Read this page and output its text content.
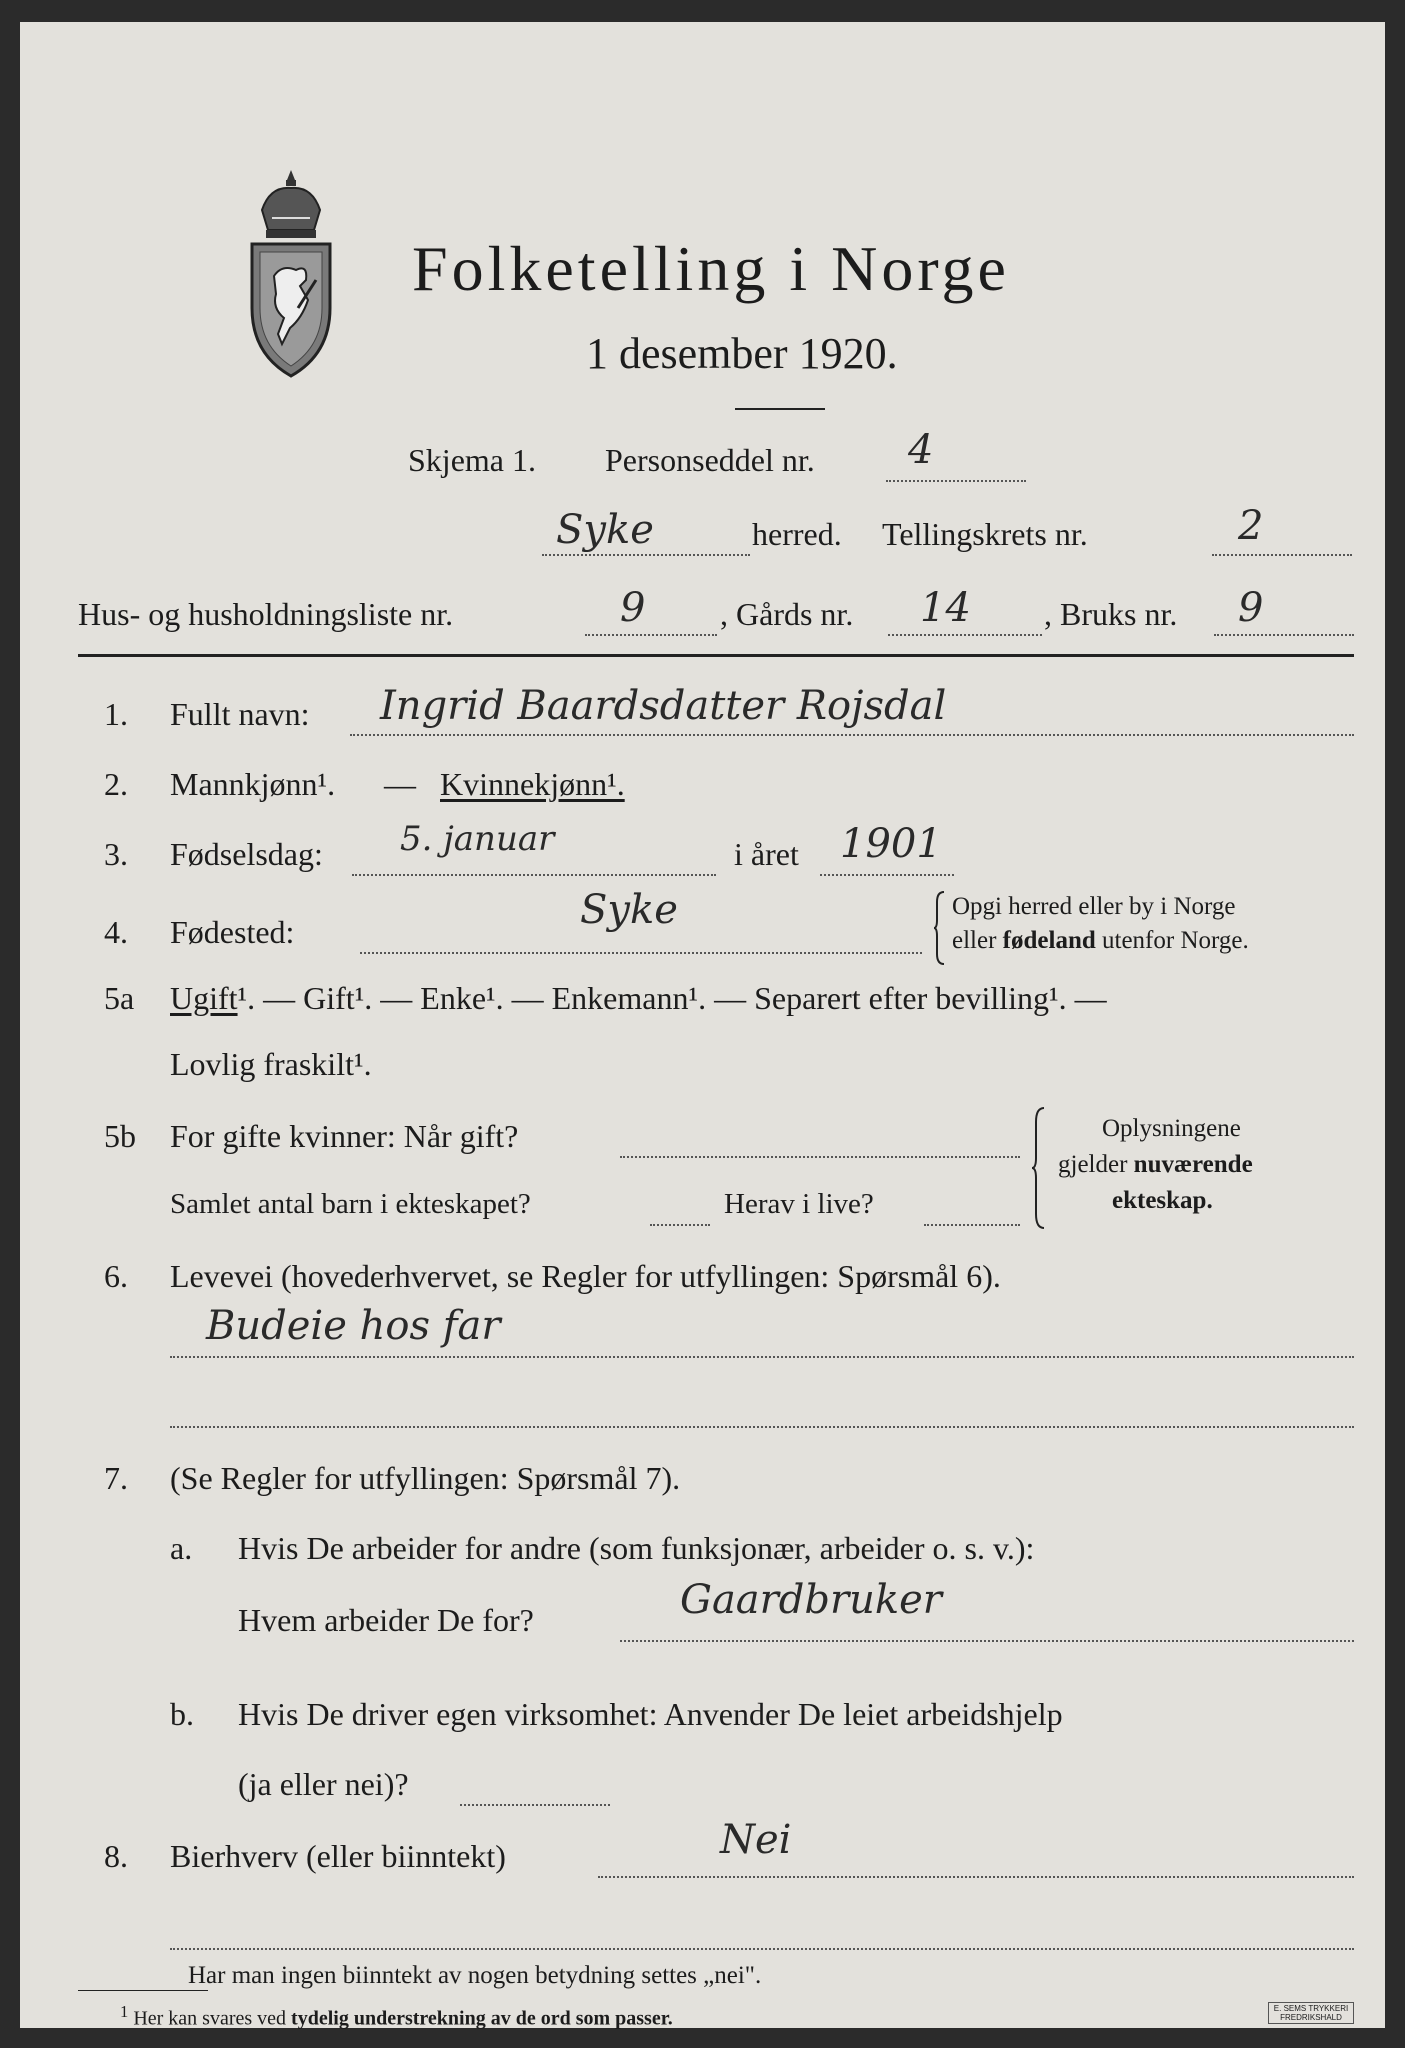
Folketelling i Norge
1 desember 1920.
Skjema 1. Personseddel nr. 4
Syke	herred. Tellingskrets nr.	2
Hus- og husholdningsliste nr.	9 , Gårds nr. 14 , Bruks nr. 9
1. Fullt navn: Ingrid Baardsdatter Rojsdal
2. Mannkjønn¹. — Kvinnekjønn¹.
3. Fødselsdag: 5. januar	i året 1901
4. Fødested:	Syke	Opgi herred eller by i Norge
eller fødeland utenfor Norge.
5a Ugift¹. — Gift¹. — Enke¹. — Enkemann¹. — Separert efter bevilling¹. —
Lovlig fraskilt¹.
5b For gifte kvinner: Når gift?
Samlet antal barn i ekteskapet?	Herav i live?
Oplysningene
gjelder nuværende
ekteskap.
6. Levevei (hovederhvervet, se Regler for utfyllingen: Spørsmål 6).
Budeie hos far
7. (Se Regler for utfyllingen: Spørsmål 7).
a. Hvis De arbeider for andre (som funksjonær, arbeider o. s. v.):
Hvem arbeider De for?	Gaardbruker
b. Hvis De driver egen virksomhet: Anvender De leiet arbeidshjelp
(ja eller nei)?
8. Bierhverv (eller biinntekt)	Nei
Har man ingen biinntekt av nogen betydning settes „nei".
$^1$ Her kan svares ved tydelig understrekning av de ord som passer.	E. SEMS TRYKKERI
FREDRIKSHALD
